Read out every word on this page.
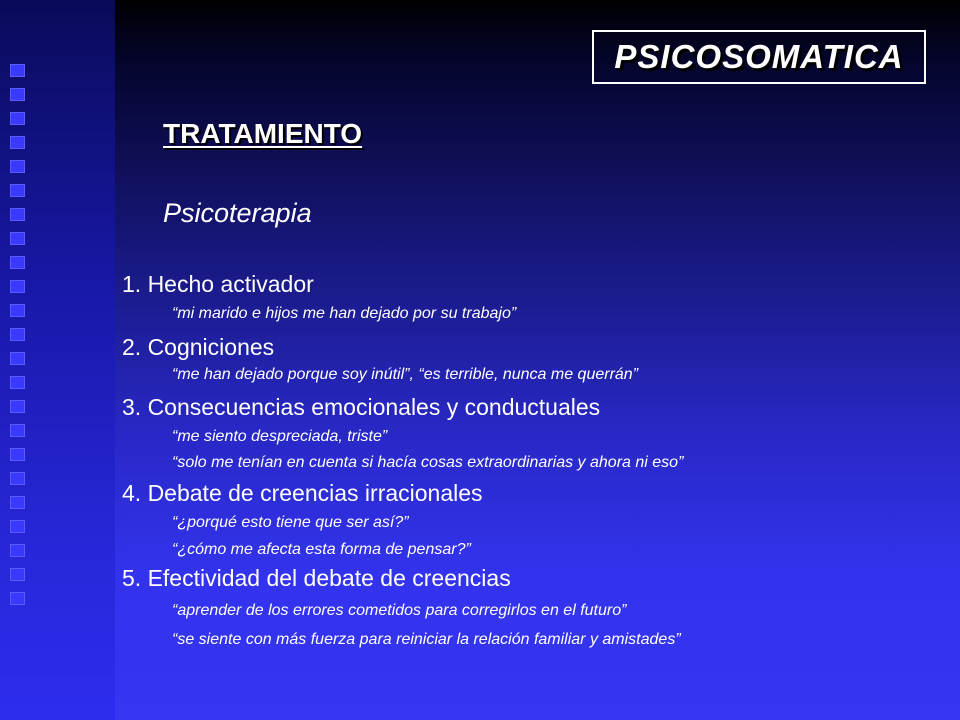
PSICOSOMATICA
TRATAMIENTO
Psicoterapia
1. Hecho activador
“mi marido e hijos me han dejado por su trabajo”
2. Cogniciones
“me han dejado porque soy inútil”, “es terrible, nunca me querrán”
3. Consecuencias emocionales y conductuales
“me siento despreciada, triste”
“solo me tenían en cuenta si hacía cosas extraordinarias y ahora ni eso”
4. Debate de creencias irracionales
“¿porqué esto tiene que ser así?”
“¿cómo me afecta esta forma de pensar?”
5. Efectividad del debate de creencias
“aprender de los errores cometidos para corregirlos en el futuro”
“se siente con más fuerza para reiniciar la relación familiar y amistades”
